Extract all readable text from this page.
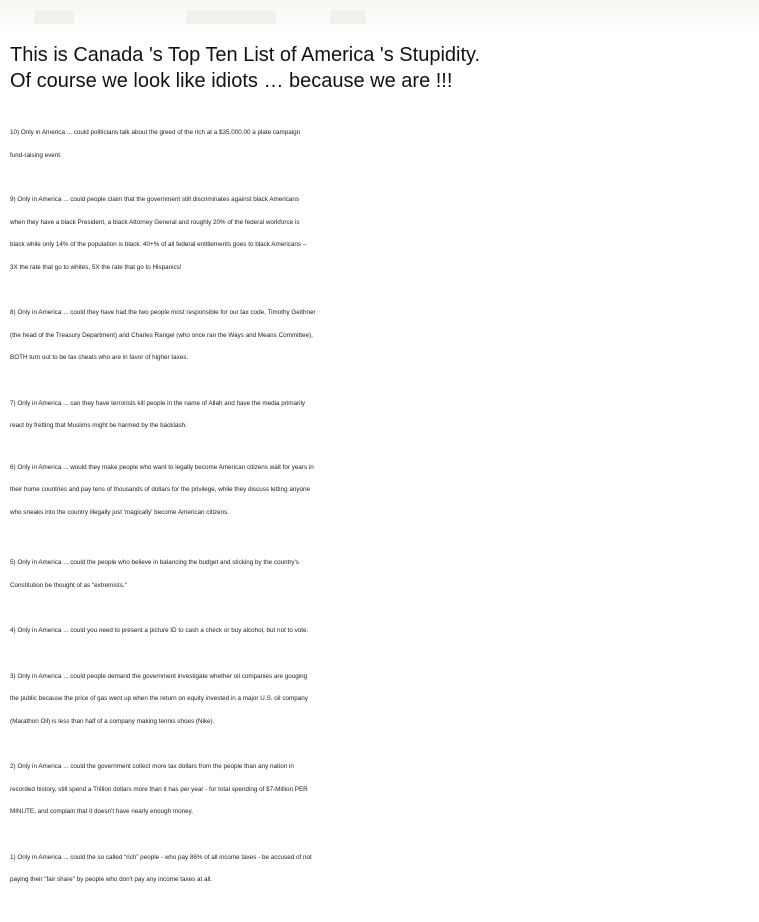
This is Canada 's Top Ten List of America 's Stupidity.
Of course we look like idiots … because we are !!!
10) Only in America ... could politicians talk about the greed of the rich at a $35,000.00 a plate campaign
fund-raising event.
9) Only in America ... could people claim that the government still discriminates against black Americans
when they have a black President, a black Attorney General and roughly 20% of the federal workforce is
black while only 14% of the population is black. 40+% of all federal entitlements goes to black Americans –
3X the rate that go to whites, 5X the rate that go to Hispanics!
8) Only in America ... could they have had the two people most responsible for our tax code, Timothy Geithner
(the head of the Treasury Department) and Charles Rangel (who once ran the Ways and Means Committee),
BOTH turn out to be tax cheats who are in favor of higher taxes.
7) Only in America ... can they have terrorists kill people in the name of Allah and have the media primarily
react by fretting that Muslims might be harmed by the backlash.
6) Only in America ... would they make people who want to legally become American citizens wait for years in
their home countries and pay tens of thousands of dollars for the privilege, while they discuss letting anyone
who sneaks into the country illegally just 'magically' become American citizens.
5) Only in America ... could the people who believe in balancing the budget and sticking by the country's
Constitution be thought of as "extremists."
4) Only in America ... could you need to present a picture ID to cash a check or buy alcohol, but not to vote.
3) Only in America ... could people demand the government investigate whether oil companies are gouging
the public because the price of gas went up when the return on equity invested in a major U.S. oil company
(Marathon Oil) is less than half of a company making tennis shoes (Nike).
2) Only in America ... could the government collect more tax dollars from the people than any nation in
recorded history, still spend a Trillion dollars more than it has per year - for total spending of $7-Million PER
MINUTE, and complain that it doesn't have nearly enough money.
1) Only in America ... could the so called “rich” people - who pay 86% of all income taxes - be accused of not
paying their "fair share" by people who don't pay any income taxes at all.
